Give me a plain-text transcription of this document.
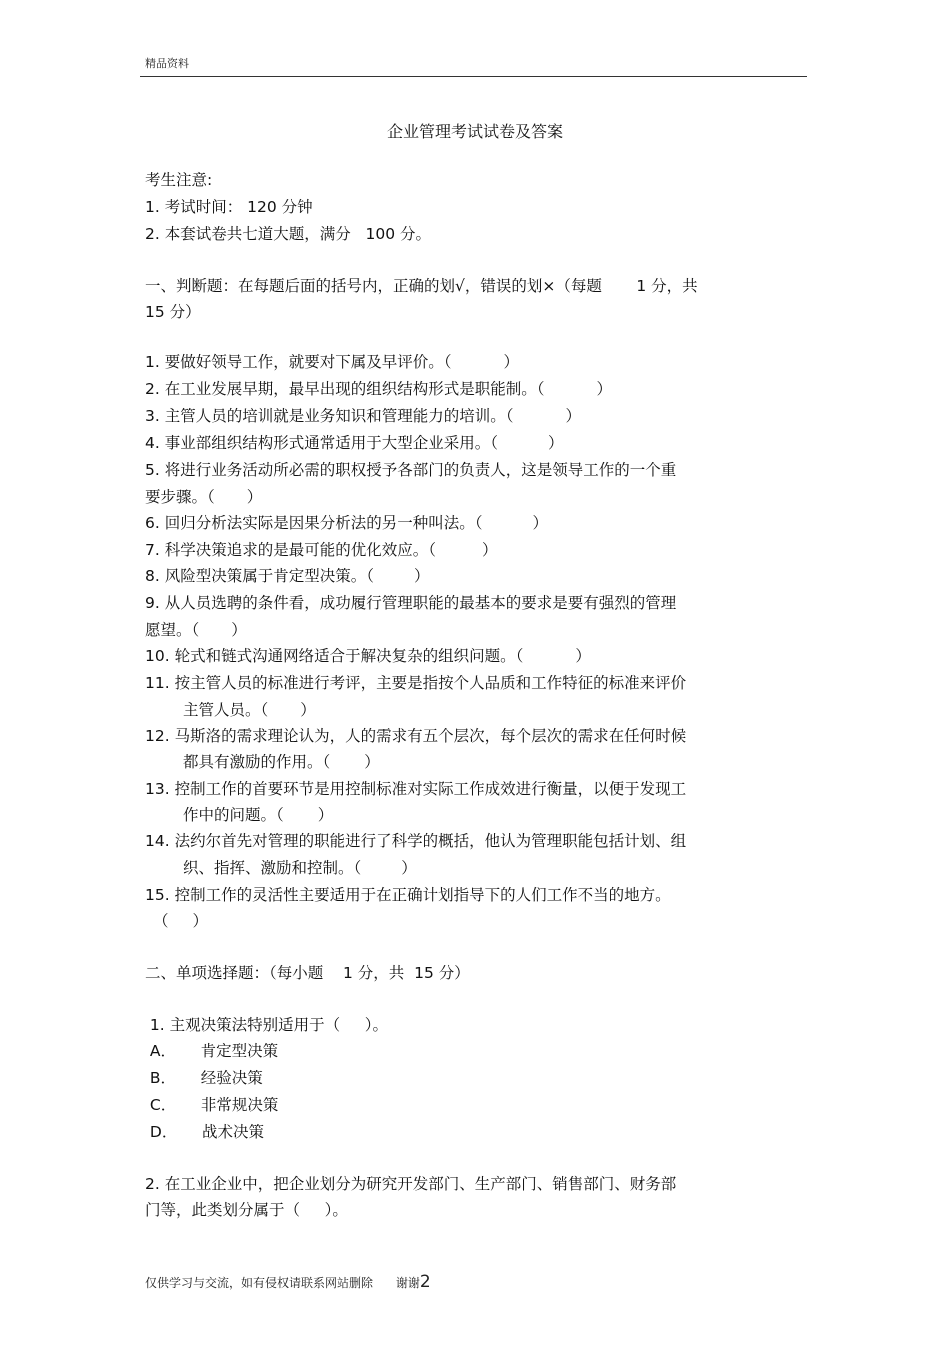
精品资料
企业管理考试试卷及答案
考生注意:
1. 考试时间： 120 分钟
2. 本套试卷共七道大题，满分   100 分。
一、判断题：在每题后面的括号内，正确的划√，错误的划×（每题       1 分，共
15 分）
1. 要做好领导工作，就要对下属及早评价。（	）
2. 在工业发展早期，最早出现的组织结构形式是职能制。（	）
3. 主管人员的培训就是业务知识和管理能力的培训。（	）
4. 事业部组织结构形式通常适用于大型企业采用。（	）
5. 将进行业务活动所必需的职权授予各部门的负责人，这是领导工作的一个重
要步骤。（ ）
6. 回归分析法实际是因果分析法的另一种叫法。（	）
7. 科学决策追求的是最可能的优化效应。（	）
8. 风险型决策属于肯定型决策。（	）
9. 从人员选聘的条件看，成功履行管理职能的最基本的要求是要有强烈的管理
愿望。（ ）
10. 轮式和链式沟通网络适合于解决复杂的组织问题。（	）
11. 按主管人员的标准进行考评，主要是指按个人品质和工作特征的标准来评价
主管人员。（ ）
12. 马斯洛的需求理论认为，人的需求有五个层次，每个层次的需求在任何时候
都具有激励的作用。（ ）
13. 控制工作的首要环节是用控制标准对实际工作成效进行衡量，以便于发现工
作中的问题。（ ）
14. 法约尔首先对管理的职能进行了科学的概括，他认为管理职能包括计划、组
织、指挥、激励和控制。（	）
15. 控制工作的灵活性主要适用于在正确计划指导下的人们工作不当的地方。
（ ）
二、单项选择题：（每小题    1 分，共  15 分）
1. 主观决策法特别适用于（     ）。
A．     肯定型决策
B．     经验决策
C．     非常规决策
D．     战术决策
2. 在工业企业中，把企业划分为研究开发部门、生产部门、销售部门、财务部
门等，此类划分属于（     ）。
仅供学习与交流，如有侵权请联系网站删除      谢谢2
